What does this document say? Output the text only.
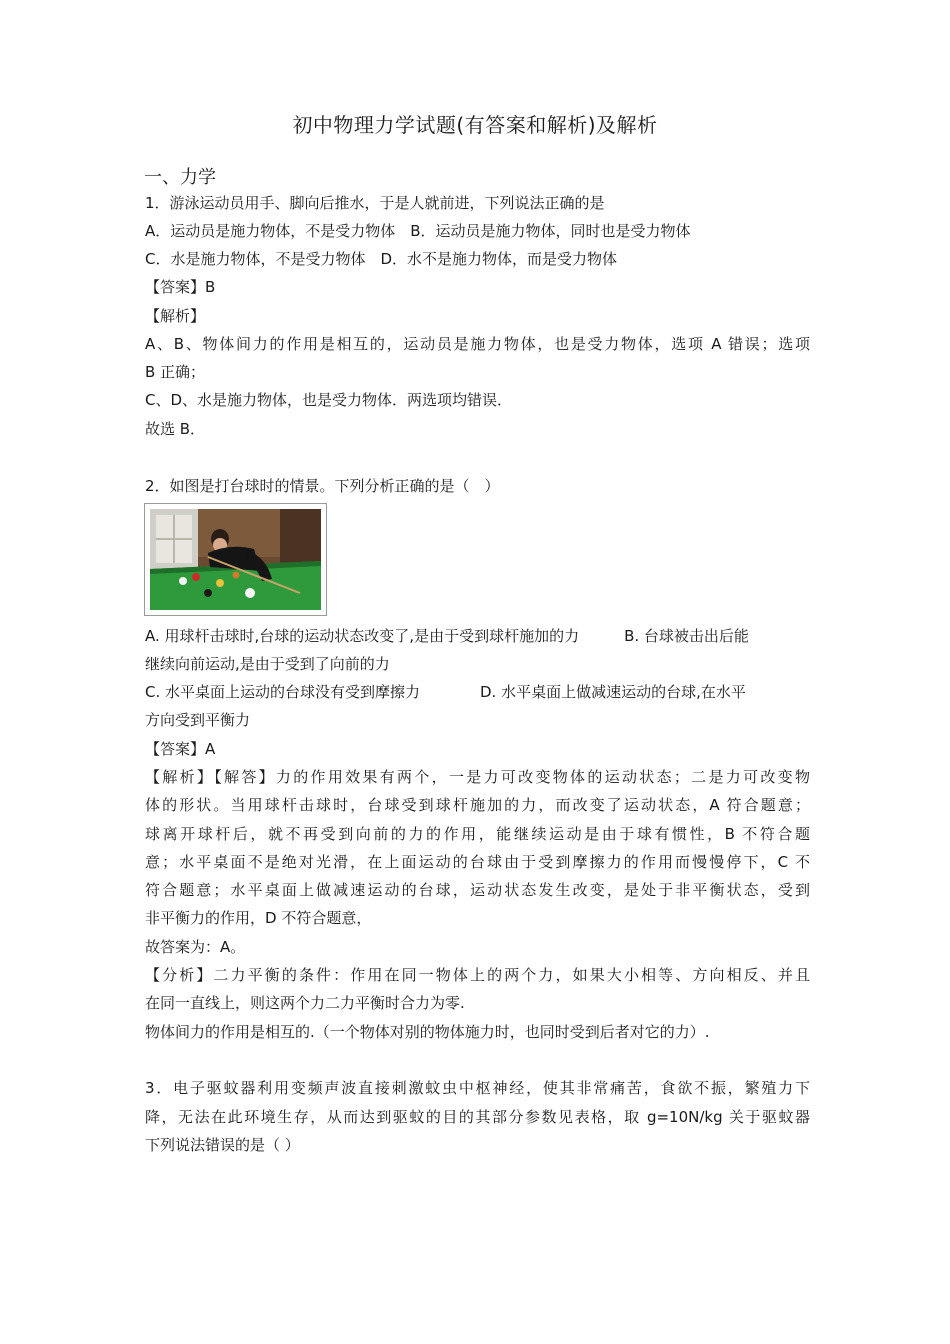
初中物理力学试题(有答案和解析)及解析
一、力学
1．游泳运动员用手、脚向后推水，于是人就前进，下列说法正确的是
A．运动员是施力物体，不是受力物体　B．运动员是施力物体，同时也是受力物体
C．水是施力物体，不是受力物体　D．水不是施力物体，而是受力物体
【答案】B
【解析】
A、B、物体间力的作用是相互的，运动员是施力物体，也是受力物体，选项 A 错误；选项
B 正确；
C、D、水是施力物体，也是受力物体．两选项均错误．
故选 B．
2．如图是打台球时的情景。下列分析正确的是（　）
A. 用球杆击球时,台球的运动状态改变了,是由于受到球杆施加的力　　　B. 台球被击出后能
继续向前运动,是由于受到了向前的力
C. 水平桌面上运动的台球没有受到摩擦力　　　　D. 水平桌面上做减速运动的台球,在水平
方向受到平衡力
【答案】A
【解析】【解答】力的作用效果有两个，一是力可改变物体的运动状态；二是力可改变物
体的形状。当用球杆击球时，台球受到球杆施加的力，而改变了运动状态，A 符合题意；
球离开球杆后，就不再受到向前的力的作用，能继续运动是由于球有惯性，B 不符合题
意；水平桌面不是绝对光滑，在上面运动的台球由于受到摩擦力的作用而慢慢停下，C 不
符合题意；水平桌面上做减速运动的台球，运动状态发生改变，是处于非平衡状态，受到
非平衡力的作用，D 不符合题意，
故答案为：A。
【分析】二力平衡的条件：作用在同一物体上的两个力，如果大小相等、方向相反、并且
在同一直线上，则这两个力二力平衡时合力为零.
物体间力的作用是相互的.（一个物体对别的物体施力时，也同时受到后者对它的力）.
3．电子驱蚊器利用变频声波直接刺激蚊虫中枢神经，使其非常痛苦，食欲不振，繁殖力下
降，无法在此环境生存，从而达到驱蚊的目的其部分参数见表格，取 g=10N/kg 关于驱蚊器
下列说法错误的是（ ）
